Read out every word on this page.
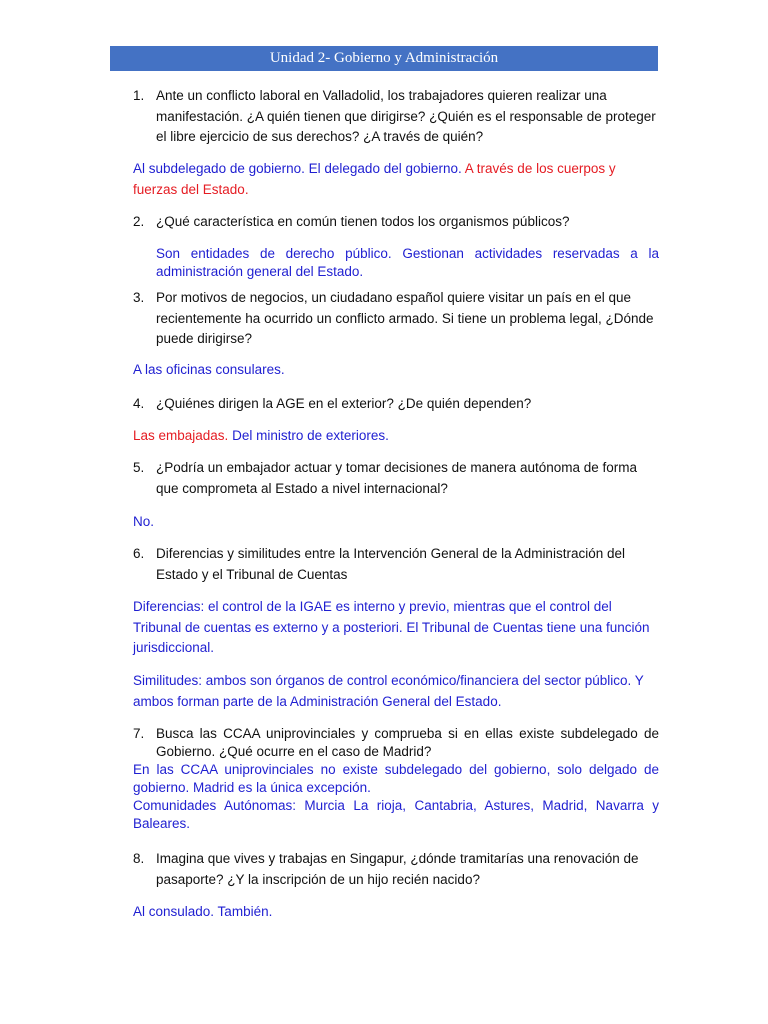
Unidad 2- Gobierno y Administración
1. Ante un conflicto laboral en Valladolid, los trabajadores quieren realizar una manifestación. ¿A quién tienen que dirigirse? ¿Quién es el responsable de proteger el libre ejercicio de sus derechos? ¿A través de quién?
Al subdelegado de gobierno. El delegado del gobierno. A través de los cuerpos y fuerzas del Estado.
2. ¿Qué característica en común tienen todos los organismos públicos?
Son entidades de derecho público. Gestionan actividades reservadas a la administración general del Estado.
3. Por motivos de negocios, un ciudadano español quiere visitar un país en el que recientemente ha ocurrido un conflicto armado. Si tiene un problema legal, ¿Dónde puede dirigirse?
A las oficinas consulares.
4. ¿Quiénes dirigen la AGE en el exterior? ¿De quién dependen?
Las embajadas. Del ministro de exteriores.
5. ¿Podría un embajador actuar y tomar decisiones de manera autónoma de forma que comprometa al Estado a nivel internacional?
No.
6. Diferencias y similitudes entre la Intervención General de la Administración del Estado y el Tribunal de Cuentas
Diferencias: el control de la IGAE es interno y previo, mientras que el control del Tribunal de cuentas es externo y a posteriori. El Tribunal de Cuentas tiene una función jurisdiccional.
Similitudes: ambos son órganos de control económico/financiera del sector público. Y ambos forman parte de la Administración General del Estado.
7. Busca las CCAA uniprovinciales y comprueba si en ellas existe subdelegado de Gobierno. ¿Qué ocurre en el caso de Madrid?
En las CCAA uniprovinciales no existe subdelegado del gobierno, solo delgado de gobierno. Madrid es la única excepción.
Comunidades Autónomas: Murcia La rioja, Cantabria, Astures, Madrid, Navarra y Baleares.
8. Imagina que vives y trabajas en Singapur, ¿dónde tramitarías una renovación de pasaporte? ¿Y la inscripción de un hijo recién nacido?
Al consulado. También.
